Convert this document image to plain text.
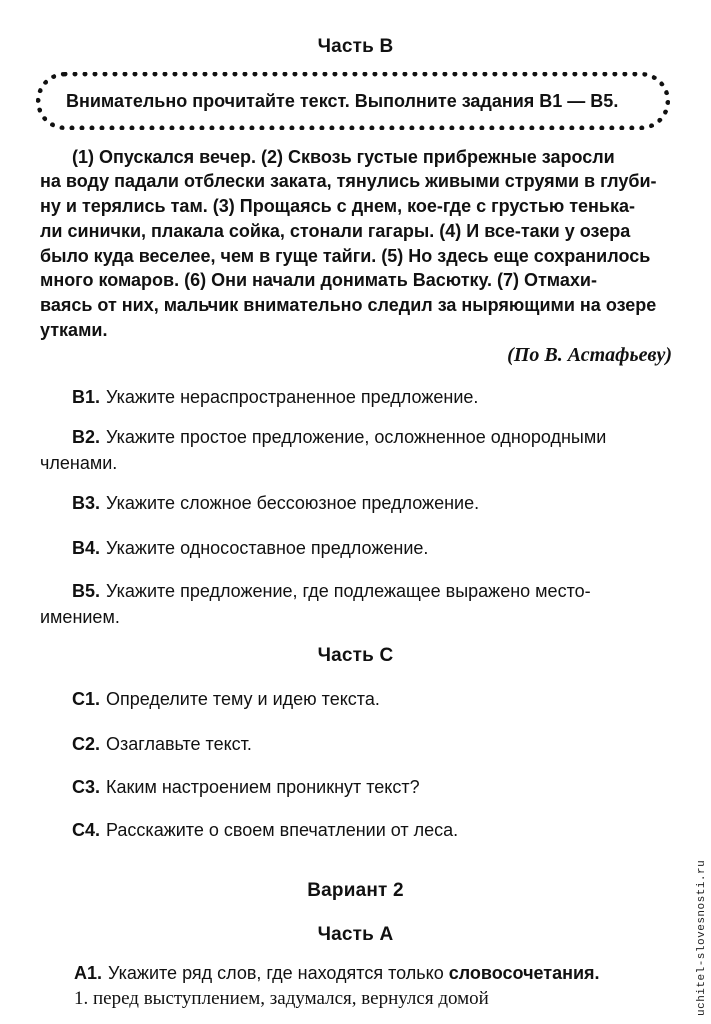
Часть В
Внимательно прочитайте текст. Выполните задания В1 — В5.
(1) Опускался вечер. (2) Сквозь густые прибрежные заросли
на воду падали отблески заката, тянулись живыми струями в глуби-
ну и терялись там. (3) Прощаясь с днем, кое-где с грустью тенька-
ли синички, плакала сойка, стонали гагары. (4) И все-таки у озера
было куда веселее, чем в гуще тайги. (5) Но здесь еще сохранилось
много комаров. (6) Они начали донимать Васютку. (7) Отмахи-
ваясь от них, мальчик внимательно следил за ныряющими на озере
утками.
(По В. Астафьеву)
В1. Укажите нераспространенное предложение.
В2. Укажите простое предложение, осложненное однородными
членами.
В3. Укажите сложное бессоюзное предложение.
В4. Укажите односоставное предложение.
В5. Укажите предложение, где подлежащее выражено место-
имением.
Часть С
С1. Определите тему и идею текста.
С2. Озаглавьте текст.
С3. Каким настроением проникнут текст?
С4. Расскажите о своем впечатлении от леса.
Вариант 2
Часть А
А1. Укажите ряд слов, где находятся только словосочетания.
1. перед выступлением, задумался, вернулся домой	uchitel-slovesnosti.ru
